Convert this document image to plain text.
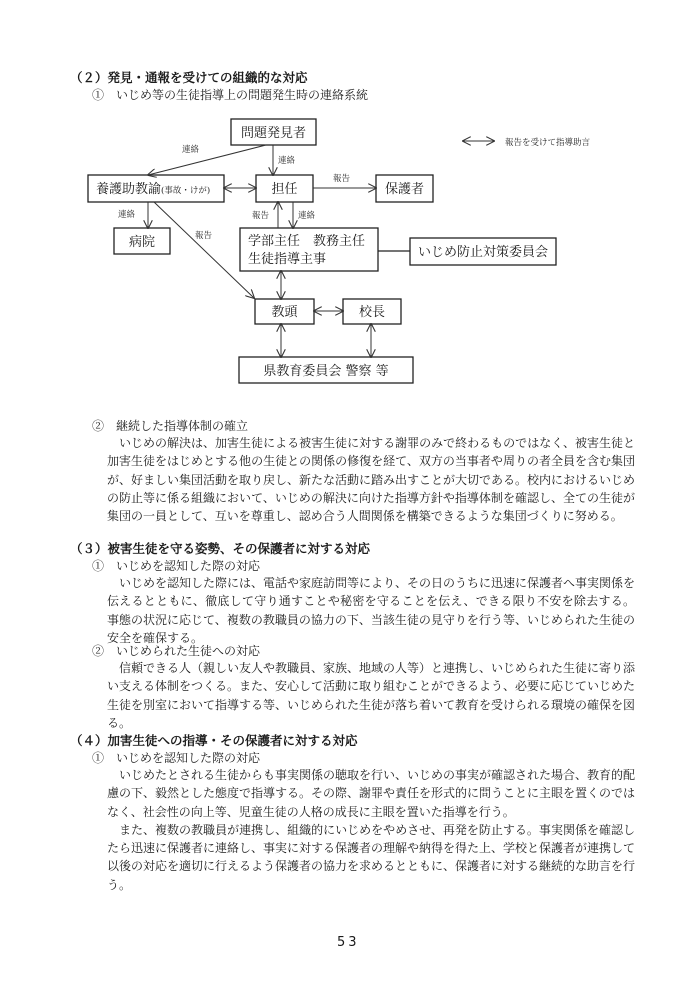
（２）発見・通報を受けての組織的な対応
①　いじめ等の生徒指導上の問題発生時の連絡系統
問題発見者
養護助教諭(事故・けが)	担任	保護者
病院	学部主任　教務主任
生徒指導主事	いじめ防止対策委員会
教頭	校長
県教育委員会 警察 等
連絡
連絡
報告
連絡
報告
報告	連絡
報告を受けて指導助言
②　継続した指導体制の確立

いじめの解決は、加害生徒による被害生徒に対する謝罪のみで終わるものではなく、被害生徒と加害生徒をはじめとする他の生徒との関係の修復を経て、双方の当事者や周りの者全員を含む集団が、好ましい集団活動を取り戻し、新たな活動に踏み出すことが大切である。校内におけるいじめの防止等に係る組織において、いじめの解決に向けた指導方針や指導体制を確認し、全ての生徒が集団の一員として、互いを尊重し、認め合う人間関係を構築できるような集団づくりに努める。

（３）被害生徒を守る姿勢、その保護者に対する対応
①　いじめを認知した際の対応

いじめを認知した際には、電話や家庭訪問等により、その日のうちに迅速に保護者へ事実関係を伝えるとともに、徹底して守り通すことや秘密を守ることを伝え、できる限り不安を除去する。事態の状況に応じて、複数の教職員の協力の下、当該生徒の見守りを行う等、いじめられた生徒の安全を確保する。

②　いじめられた生徒への対応

信頼できる人（親しい友人や教職員、家族、地域の人等）と連携し、いじめられた生徒に寄り添い支える体制をつくる。また、安心して活動に取り組むことができるよう、必要に応じていじめた生徒を別室において指導する等、いじめられた生徒が落ち着いて教育を受けられる環境の確保を図る。

（４）加害生徒への指導・その保護者に対する対応
①　いじめを認知した際の対応

いじめたとされる生徒からも事実関係の聴取を行い、いじめの事実が確認された場合、教育的配慮の下、毅然とした態度で指導する。その際、謝罪や責任を形式的に問うことに主眼を置くのではなく、社会性の向上等、児童生徒の人格の成長に主眼を置いた指導を行う。

また、複数の教職員が連携し、組織的にいじめをやめさせ、再発を防止する。事実関係を確認したら迅速に保護者に連絡し、事実に対する保護者の理解や納得を得た上、学校と保護者が連携して以後の対応を適切に行えるよう保護者の協力を求めるとともに、保護者に対する継続的な助言を行う。

53
